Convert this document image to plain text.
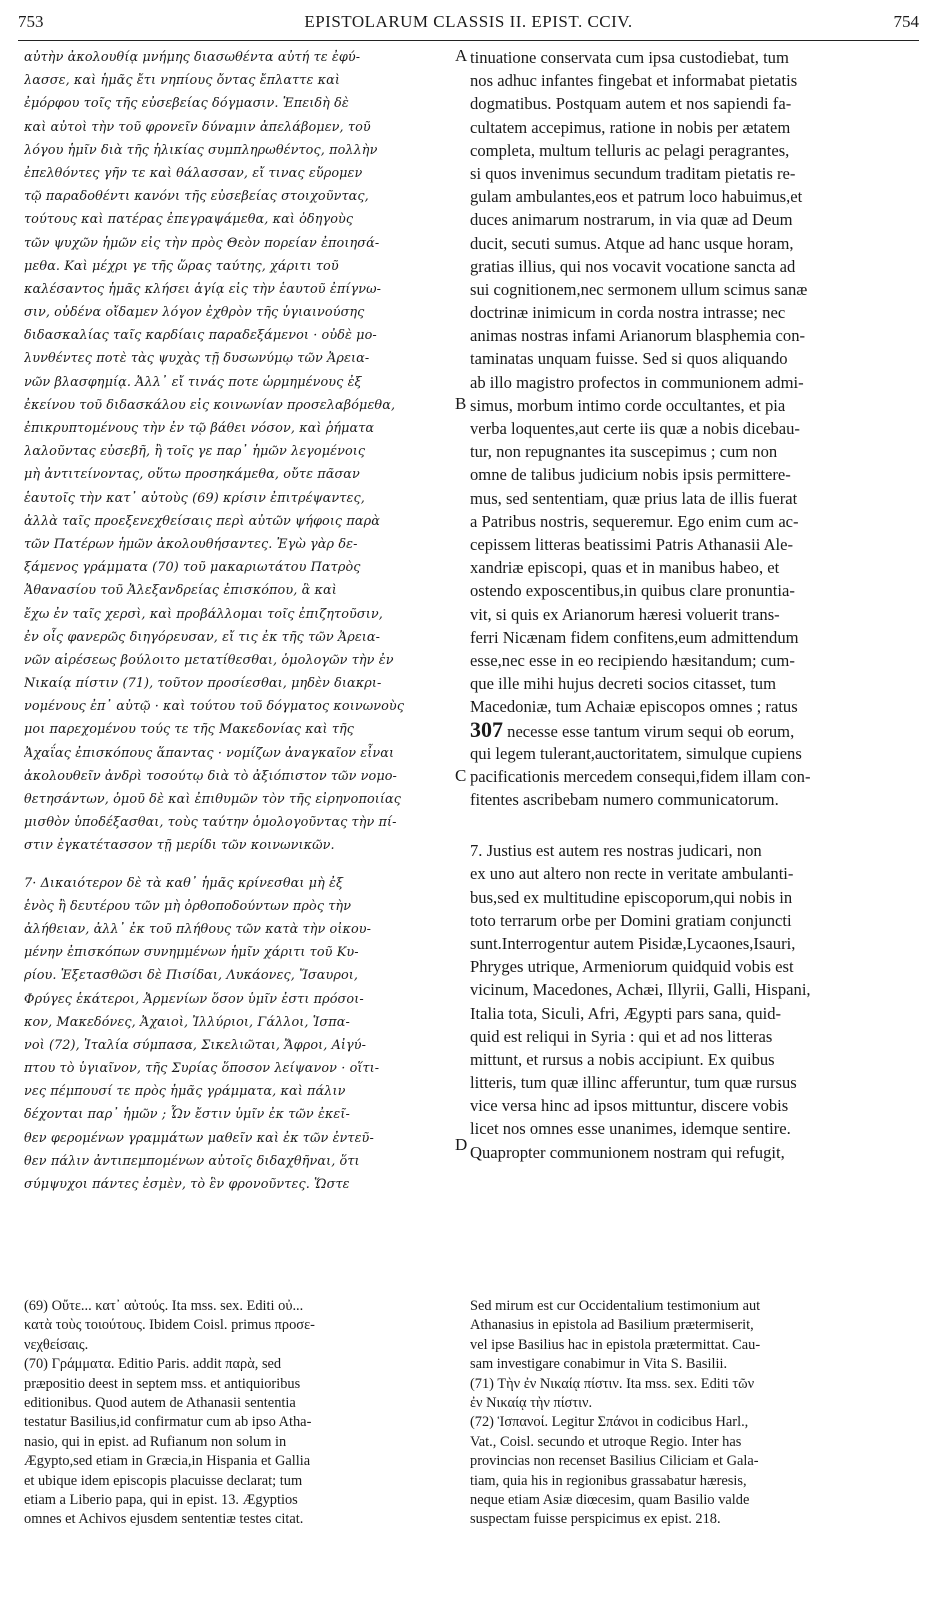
753	EPISTOLARUM CLASSIS II. EPIST. CCIV.	754
αὐτὴν ἀκολουθίᾳ μνήμης διασωθέντα αὐτή τε ἐφύ-
λασσε, καὶ ἡμᾶς ἔτι νηπίους ὄντας ἔπλαττε καὶ
ἐμόρφου τοῖς τῆς εὐσεβείας δόγμασιν. Ἐπειδὴ δὲ
καὶ αὐτοὶ τὴν τοῦ φρονεῖν δύναμιν ἀπελάβομεν, τοῦ
λόγου ἡμῖν διὰ τῆς ἡλικίας συμπληρωθέντος, πολλὴν
ἐπελθόντες γῆν τε καὶ θάλασσαν, εἴ τινας εὕρομεν
τῷ παραδοθέντι κανόνι τῆς εὐσεβείας στοιχοῦντας,
τούτους καὶ πατέρας ἐπεγραψάμεθα, καὶ ὁδηγοὺς
τῶν ψυχῶν ἡμῶν εἰς τὴν πρὸς Θεὸν πορείαν ἐποιησά-
μεθα. Καὶ μέχρι γε τῆς ὥρας ταύτης, χάριτι τοῦ
καλέσαντος ἡμᾶς κλήσει ἁγίᾳ εἰς τὴν ἑαυτοῦ ἐπίγνω-
σιν, οὐδένα οἴδαμεν λόγον ἐχθρὸν τῆς ὑγιαινούσης
διδασκαλίας ταῖς καρδίαις παραδεξάμενοι · οὐδὲ μο-
λυνθέντες ποτὲ τὰς ψυχὰς τῇ δυσωνύμῳ τῶν Ἀρεια-
νῶν βλασφημίᾳ. Ἀλλ᾽ εἴ τινάς ποτε ὡρμημένους ἐξ
ἐκείνου τοῦ διδασκάλου εἰς κοινωνίαν προσελαβόμεθα,
ἐπικρυπτομένους τὴν ἐν τῷ βάθει νόσον, καὶ ῥήματα
λαλοῦντας εὐσεβῆ, ἢ τοῖς γε παρ᾽ ἡμῶν λεγομένοις
μὴ ἀντιτείνοντας, οὕτω προσηκάμεθα, οὔτε πᾶσαν
ἑαυτοῖς τὴν κατ᾽ αὐτοὺς (69) κρίσιν ἐπιτρέψαντες,
ἀλλὰ ταῖς προεξενεχθείσαις περὶ αὐτῶν ψήφοις παρὰ
τῶν Πατέρων ἡμῶν ἀκολουθήσαντες. Ἐγὼ γὰρ δε-
ξάμενος γράμματα (70) τοῦ μακαριωτάτου Πατρὸς
Ἀθανασίου τοῦ Ἀλεξανδρείας ἐπισκόπου, ἃ καὶ
ἔχω ἐν ταῖς χερσὶ, καὶ προβάλλομαι τοῖς ἐπιζητοῦσιν,
ἐν οἷς φανερῶς διηγόρευσαν, εἴ τις ἐκ τῆς τῶν Ἀρεια-
νῶν αἱρέσεως βούλοιτο μετατίθεσθαι, ὁμολογῶν τὴν ἐν
Νικαίᾳ πίστιν (71), τοῦτον προσίεσθαι, μηδὲν διακρι-
νομένους ἐπ᾽ αὐτῷ · καὶ τούτου τοῦ δόγματος κοινωνοὺς
μοι παρεχομένου τούς τε τῆς Μακεδονίας καὶ τῆς
Ἀχαΐας ἐπισκόπους ἅπαντας · νομίζων ἀναγκαῖον εἶναι
ἀκολουθεῖν ἀνδρὶ τοσούτῳ διὰ τὸ ἀξιόπιστον τῶν νομο-
θετησάντων, ὁμοῦ δὲ καὶ ἐπιθυμῶν τὸν τῆς εἰρηνοποιίας
μισθὸν ὑποδέξασθαι, τοὺς ταύτην ὁμολογοῦντας τὴν πί-
στιν ἐγκατέτασσον τῇ μερίδι τῶν κοινωνικῶν.
7· Δικαιότερον δὲ τὰ καθ᾽ ἡμᾶς κρίνεσθαι μὴ ἐξ
ἑνὸς ἢ δευτέρου τῶν μὴ ὀρθοποδούντων πρὸς τὴν
ἀλήθειαν, ἀλλ᾽ ἐκ τοῦ πλήθους τῶν κατὰ τὴν οἰκου-
μένην ἐπισκόπων συνημμένων ἡμῖν χάριτι τοῦ Κυ-
ρίου. Ἐξετασθῶσι δὲ Πισίδαι, Λυκάονες, Ἴσαυροι,
Φρύγες ἑκάτεροι, Ἀρμενίων ὅσον ὑμῖν ἐστι πρόσοι-
κον, Μακεδόνες, Ἀχαιοὶ, Ἰλλύριοι, Γάλλοι, Ἱσπα-
νοὶ (72), Ἰταλία σύμπασα, Σικελιῶται, Ἄφροι, Αἰγύ-
πτου τὸ ὑγιαῖνον, τῆς Συρίας ὅποσον λείψανον · οἵτι-
νες πέμπουσί τε πρὸς ἡμᾶς γράμματα, καὶ πάλιν
δέχονται παρ᾽ ἡμῶν ; Ὧν ἔστιν ὑμῖν ἐκ τῶν ἐκεῖ-
θεν φερομένων γραμμάτων μαθεῖν καὶ ἐκ τῶν ἐντεῦ-
θεν πάλιν ἀντιπεμπομένων αὐτοῖς διδαχθῆναι, ὅτι
σύμψυχοι πάντες ἐσμὲν, τὸ ἓν φρονοῦντες. Ὥστε
A
B
C
D
tinuatione conservata cum ipsa custodiebat, tum
nos adhuc infantes fingebat et informabat pietatis
dogmatibus. Postquam autem et nos sapiendi fa-
cultatem accepimus, ratione in nobis per ætatem
completa, multum telluris ac pelagi peragrantes,
si quos invenimus secundum traditam pietatis re-
gulam ambulantes,eos et patrum loco habuimus,et
duces animarum nostrarum, in via quæ ad Deum
ducit, secuti sumus. Atque ad hanc usque horam,
gratias illius, qui nos vocavit vocatione sancta ad
sui cognitionem,nec sermonem ullum scimus sanæ
doctrinæ inimicum in corda nostra intrasse; nec
animas nostras infami Arianorum blasphemia con-
taminatas unquam fuisse. Sed si quos aliquando
ab illo magistro profectos in communionem admi-
simus, morbum intimo corde occultantes, et pia
verba loquentes,aut certe iis quæ a nobis dicebau-
tur, non repugnantes ita suscepimus ; cum non
omne de talibus judicium nobis ipsis permittere-
mus, sed sententiam, quæ prius lata de illis fuerat
a Patribus nostris, sequeremur. Ego enim cum ac-
cepissem litteras beatissimi Patris Athanasii Ale-
xandriæ episcopi, quas et in manibus habeo, et
ostendo exposcentibus,in quibus clare pronuntia-
vit, si quis ex Arianorum hæresi voluerit trans-
ferri Nicænam fidem confitens,eum admittendum
esse,nec esse in eo recipiendo hæsitandum; cum-
que ille mihi hujus decreti socios citasset, tum
Macedoniæ, tum Achaiæ episcopos omnes ; ratus
307 necesse esse tantum virum sequi ob eorum,
qui legem tulerant,auctoritatem, simulque cupiens
pacificationis mercedem consequi,fidem illam con-
fitentes ascribebam numero communicatorum.
7. Justius est autem res nostras judicari, non
ex uno aut altero non recte in veritate ambulanti-
bus,sed ex multitudine episcoporum,qui nobis in
toto terrarum orbe per Domini gratiam conjuncti
sunt.Interrogentur autem Pisidæ,Lycaones,Isauri,
Phryges utrique, Armeniorum quidquid vobis est
vicinum, Macedones, Achæi, Illyrii, Galli, Hispani,
Italia tota, Siculi, Afri, Ægypti pars sana, quid-
quid est reliqui in Syria : qui et ad nos litteras
mittunt, et rursus a nobis accipiunt. Ex quibus
litteris, tum quæ illinc afferuntur, tum quæ rursus
vice versa hinc ad ipsos mittuntur, discere vobis
licet nos omnes esse unanimes, idemque sentire.
Quapropter communionem nostram qui refugit,
(69) Οὔτε... κατ᾽ αὐτούς. Ita mss. sex. Editi οὐ...
κατὰ τοὺς τοιούτους. Ibidem Coisl. primus προσε-
νεχθείσαις.
(70) Γράμματα. Editio Paris. addit παρὰ, sed
præpositio deest in septem mss. et antiquioribus
editionibus. Quod autem de Athanasii sententia
testatur Basilius,id confirmatur cum ab ipso Atha-
nasio, qui in epist. ad Rufianum non solum in
Ægypto,sed etiam in Græcia,in Hispania et Gallia
et ubique idem episcopis placuisse declarat; tum
etiam a Liberio papa, qui in epist. 13. Ægyptios
omnes et Achivos ejusdem sententiæ testes citat.
Sed mirum est cur Occidentalium testimonium aut
Athanasius in epistola ad Basilium prætermiserit,
vel ipse Basilius hac in epistola prætermittat. Cau-
sam investigare conabimur in Vita S. Basilii.
(71) Τὴν ἐν Νικαίᾳ πίστιν. Ita mss. sex. Editi τῶν
ἐν Νικαίᾳ τὴν πίστιν.
(72) Ἱσπανοί. Legitur Σπάνοι in codicibus Harl.,
Vat., Coisl. secundo et utroque Regio. Inter has
provincias non recenset Basilius Ciliciam et Gala-
tiam, quia his in regionibus grassabatur hæresis,
neque etiam Asiæ diœcesim, quam Basilio valde
suspectam fuisse perspicimus ex epist. 218.
